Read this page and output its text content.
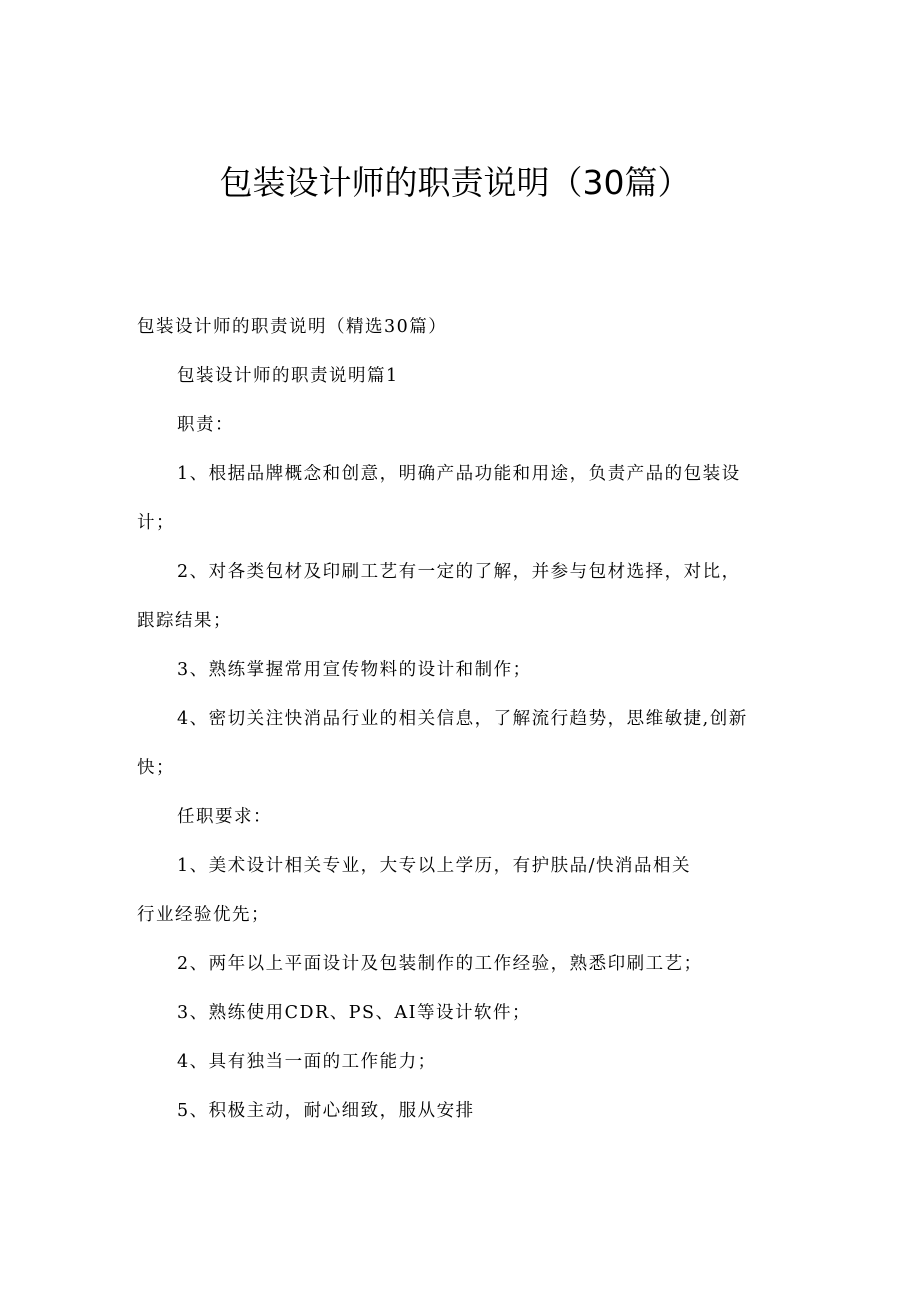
包装设计师的职责说明（30篇）
包装设计师的职责说明（精选30篇）
包装设计师的职责说明篇1
职责：
1、根据品牌概念和创意，明确产品功能和用途，负责产品的包装设
计；
2、对各类包材及印刷工艺有一定的了解，并参与包材选择，对比，
跟踪结果；
3、熟练掌握常用宣传物料的设计和制作；
4、密切关注快消品行业的相关信息，了解流行趋势，思维敏捷,创新
快；
任职要求：
1、美术设计相关专业，大专以上学历，有护肤品/快消品相关
行业经验优先；
2、两年以上平面设计及包装制作的工作经验，熟悉印刷工艺；
3、熟练使用CDR、PS、AI等设计软件；
4、具有独当一面的工作能力；
5、积极主动，耐心细致，服从安排
